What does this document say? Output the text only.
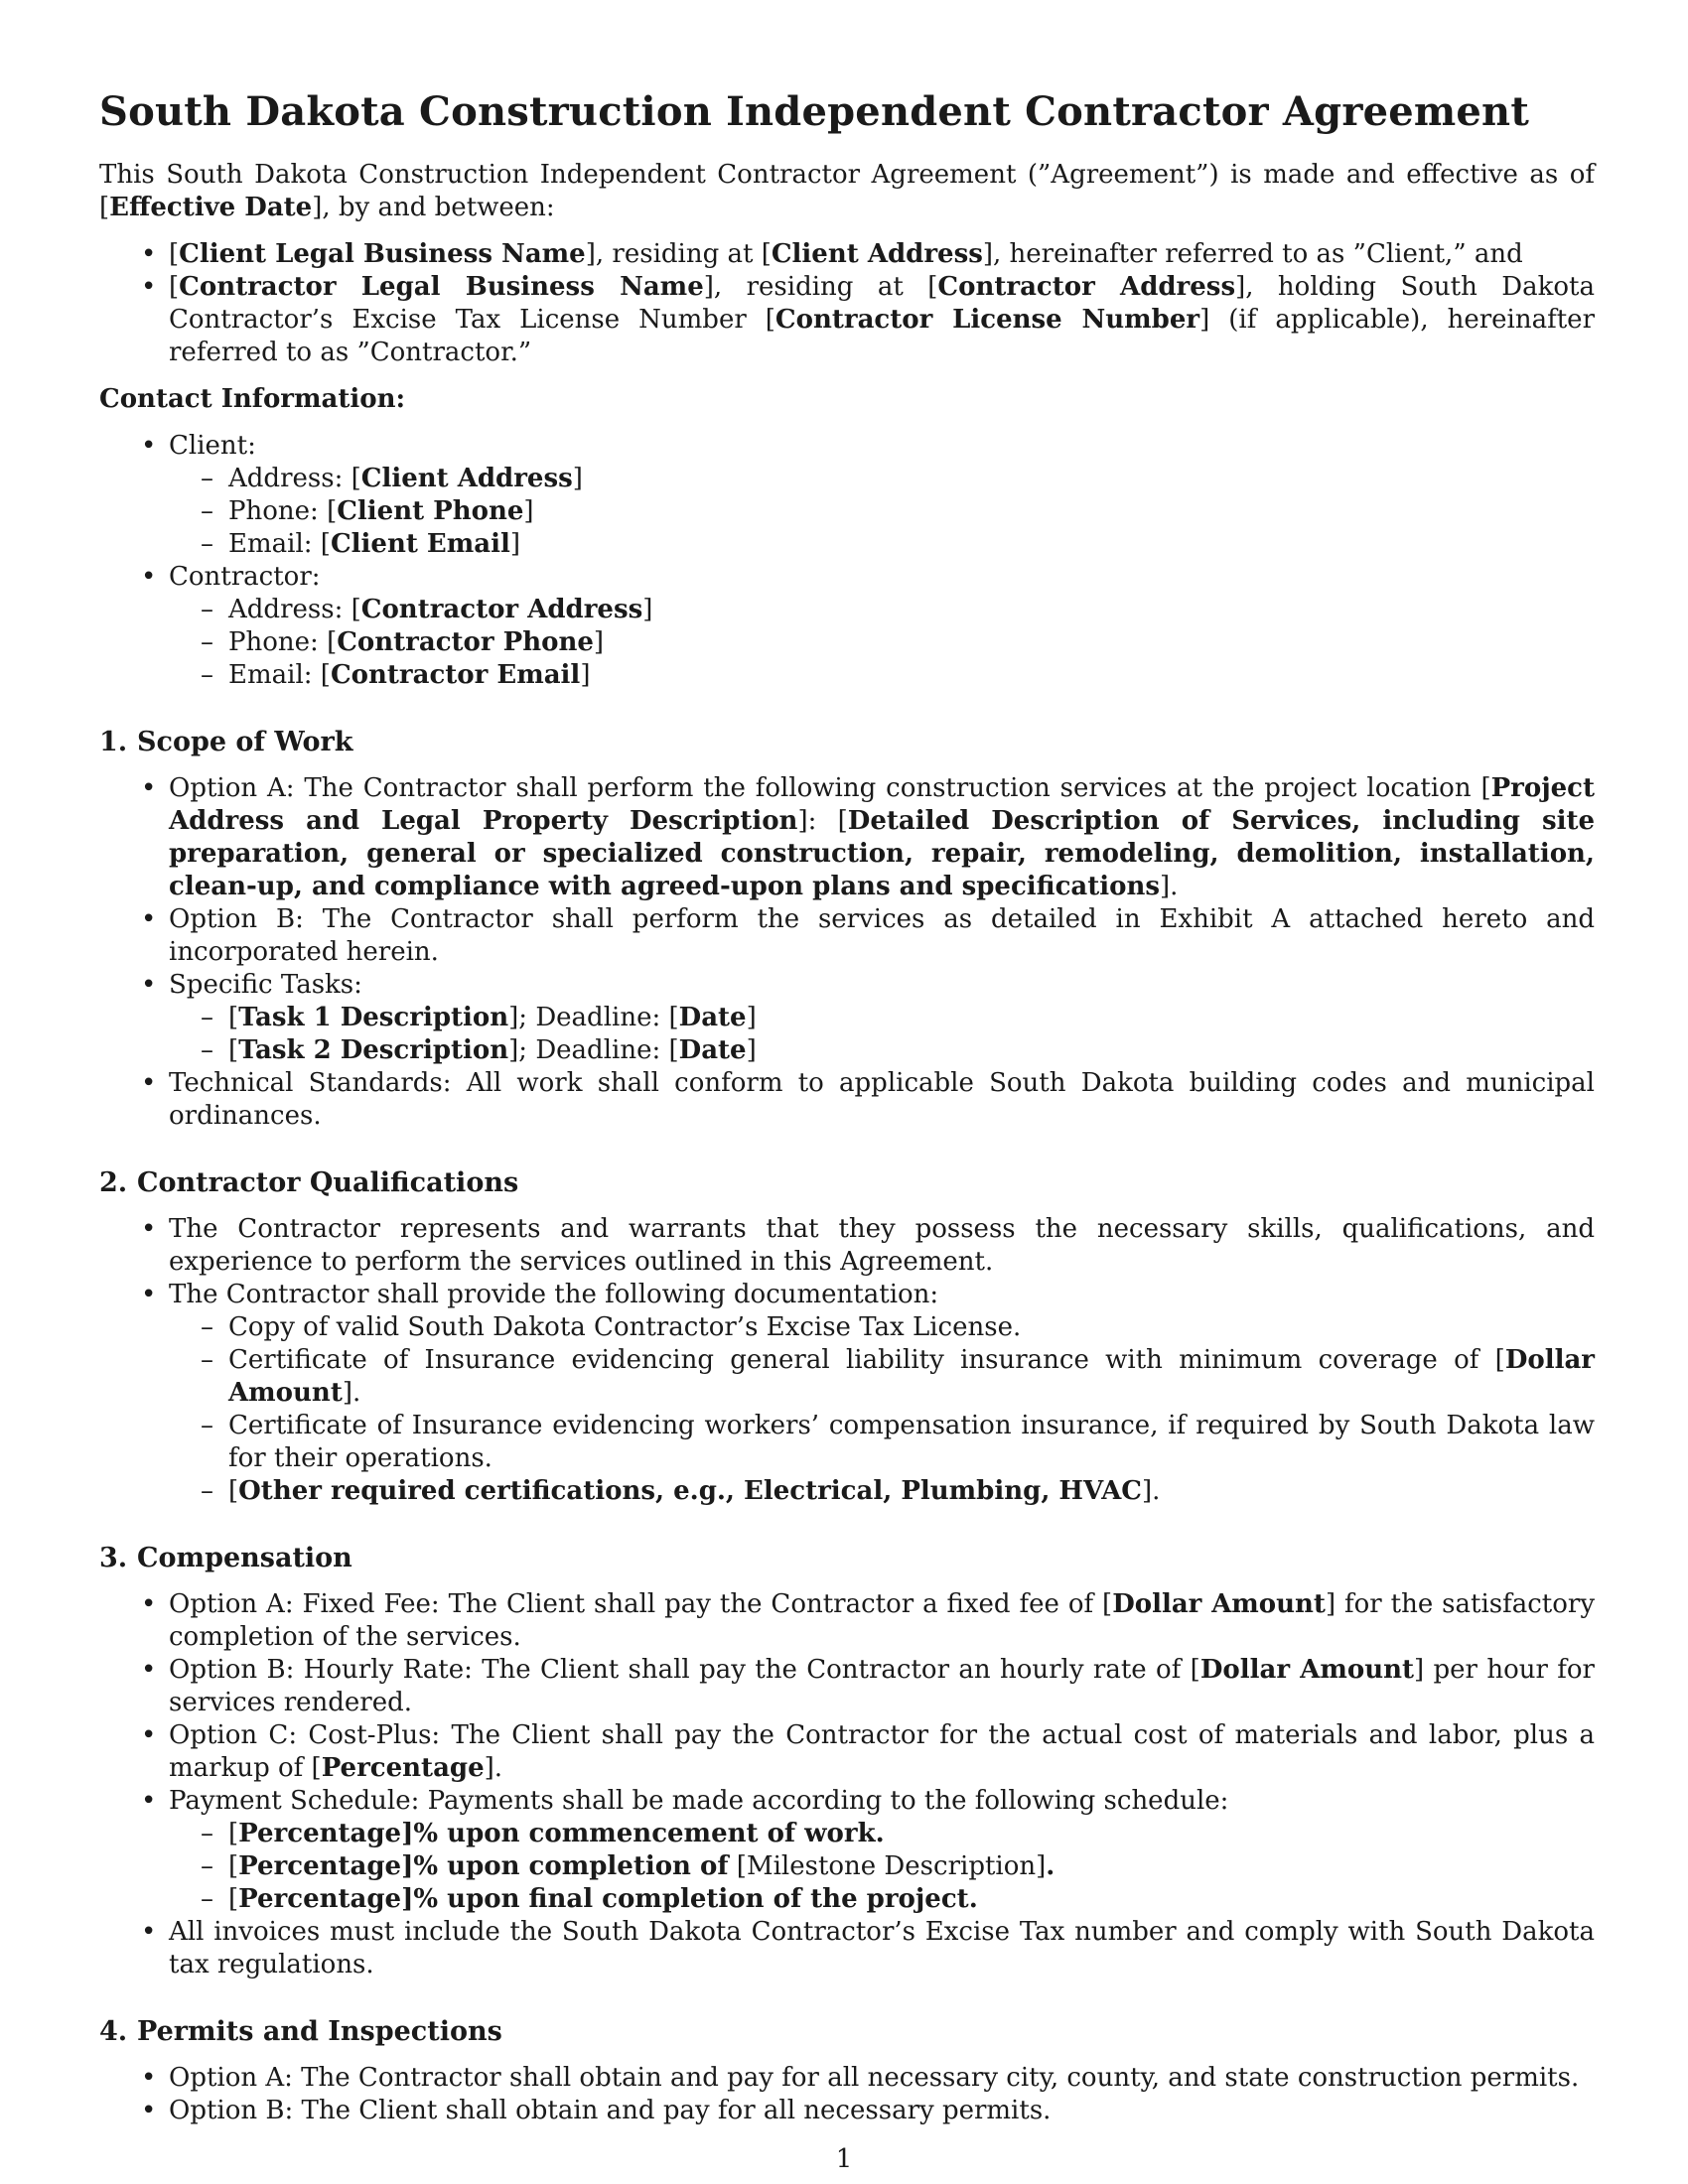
South Dakota Construction Independent Contractor Agreement

This South Dakota Construction Independent Contractor Agreement (”Agreement”) is made and effective as of [Effective Date], by and between:

• [Client Legal Business Name], residing at [Client Address], hereinafter referred to as ”Client,” and
• [Contractor Legal Business Name], residing at [Contractor Address], holding South Dakota Contractor’s Excise Tax License Number [Contractor License Number] (if applicable), hereinafter referred to as ”Contractor.”
Contact Information:
• Client:
– Address: [Client Address]
– Phone: [Client Phone]
– Email: [Client Email]
• Contractor:
– Address: [Contractor Address]
– Phone: [Contractor Phone]
– Email: [Contractor Email]
1. Scope of Work
• Option A: The Contractor shall perform the following construction services at the project location [Project Address and Legal Property Description]: [Detailed Description of Services, including site preparation, general or specialized construction, repair, remodeling, demolition, installation, clean-up, and compliance with agreed-upon plans and specifications].
• Option B: The Contractor shall perform the services as detailed in Exhibit A attached hereto and incorporated herein.
• Specific Tasks:
– [Task 1 Description]; Deadline: [Date]
– [Task 2 Description]; Deadline: [Date]
• Technical Standards: All work shall conform to applicable South Dakota building codes and municipal ordinances.
2. Contractor Qualifications
• The Contractor represents and warrants that they possess the necessary skills, qualifications, and experience to perform the services outlined in this Agreement.
• The Contractor shall provide the following documentation:
– Copy of valid South Dakota Contractor’s Excise Tax License.
– Certificate of Insurance evidencing general liability insurance with minimum coverage of [Dollar Amount].
– Certificate of Insurance evidencing workers’ compensation insurance, if required by South Dakota law for their operations.
– [Other required certifications, e.g., Electrical, Plumbing, HVAC].
3. Compensation
• Option A: Fixed Fee: The Client shall pay the Contractor a fixed fee of [Dollar Amount] for the satisfactory completion of the services.
• Option B: Hourly Rate: The Client shall pay the Contractor an hourly rate of [Dollar Amount] per hour for services rendered.
• Option C: Cost-Plus: The Client shall pay the Contractor for the actual cost of materials and labor, plus a markup of [Percentage].
• Payment Schedule: Payments shall be made according to the following schedule:
– [Percentage]% upon commencement of work.
– [Percentage]% upon completion of [Milestone Description].
– [Percentage]% upon final completion of the project.
• All invoices must include the South Dakota Contractor’s Excise Tax number and comply with South Dakota tax regulations.
4. Permits and Inspections
• Option A: The Contractor shall obtain and pay for all necessary city, county, and state construction permits.
• Option B: The Client shall obtain and pay for all necessary permits.
1
